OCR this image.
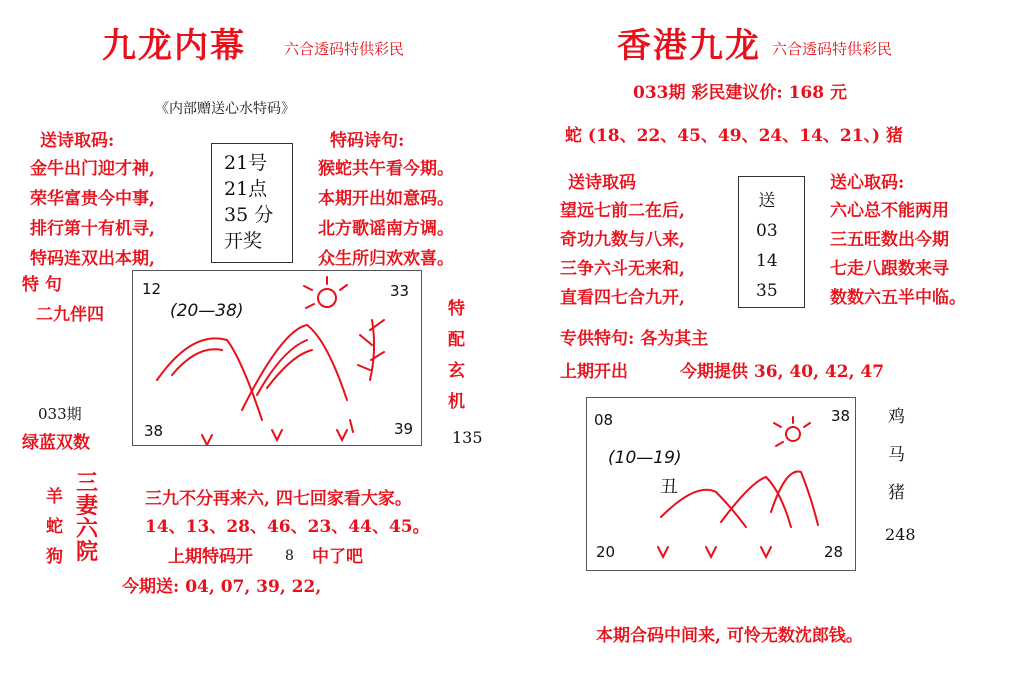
九龙内幕	六合透码特供彩民
《内部赠送心水特码》
送诗取码:
金牛出门迎才神,
荣华富贵今中事,
排行第十有机寻,
特码连双出本期,
21号
21点
35 分
开奖
特码诗句:
猴蛇共午看今期。
本期开出如意码。
北方歌谣南方调。
众生所归欢欢喜。
特 句
二九伴四
033期
绿蓝双数
12
(20—38)
33
38	39
特
配
玄
机
135
羊
蛇
狗
三
妻
六
院
三九不分再来六, 四七回家看大家。
14、13、28、46、23、44、45。
上期特码开 8 中了吧
今期送: 04, 07, 39, 22,
香港九龙 六合透码特供彩民
033期 彩民建议价: 168 元
蛇 (18、22、45、49、24、14、21、) 猪
送诗取码
望远七前二在后,
奇功九数与八来,
三争六斗无来和,
直看四七合九开,
送
03
14
35
送心取码:
六心总不能两用
三五旺数出今期
七走八跟数来寻
数数六五半中临。
专供特句: 各为其主
上期开出	今期提供 36, 40, 42, 47
08
(10—19)
38
丑
20	28
鸡
马
猪
248
本期合码中间来, 可怜无数沈郎钱。
